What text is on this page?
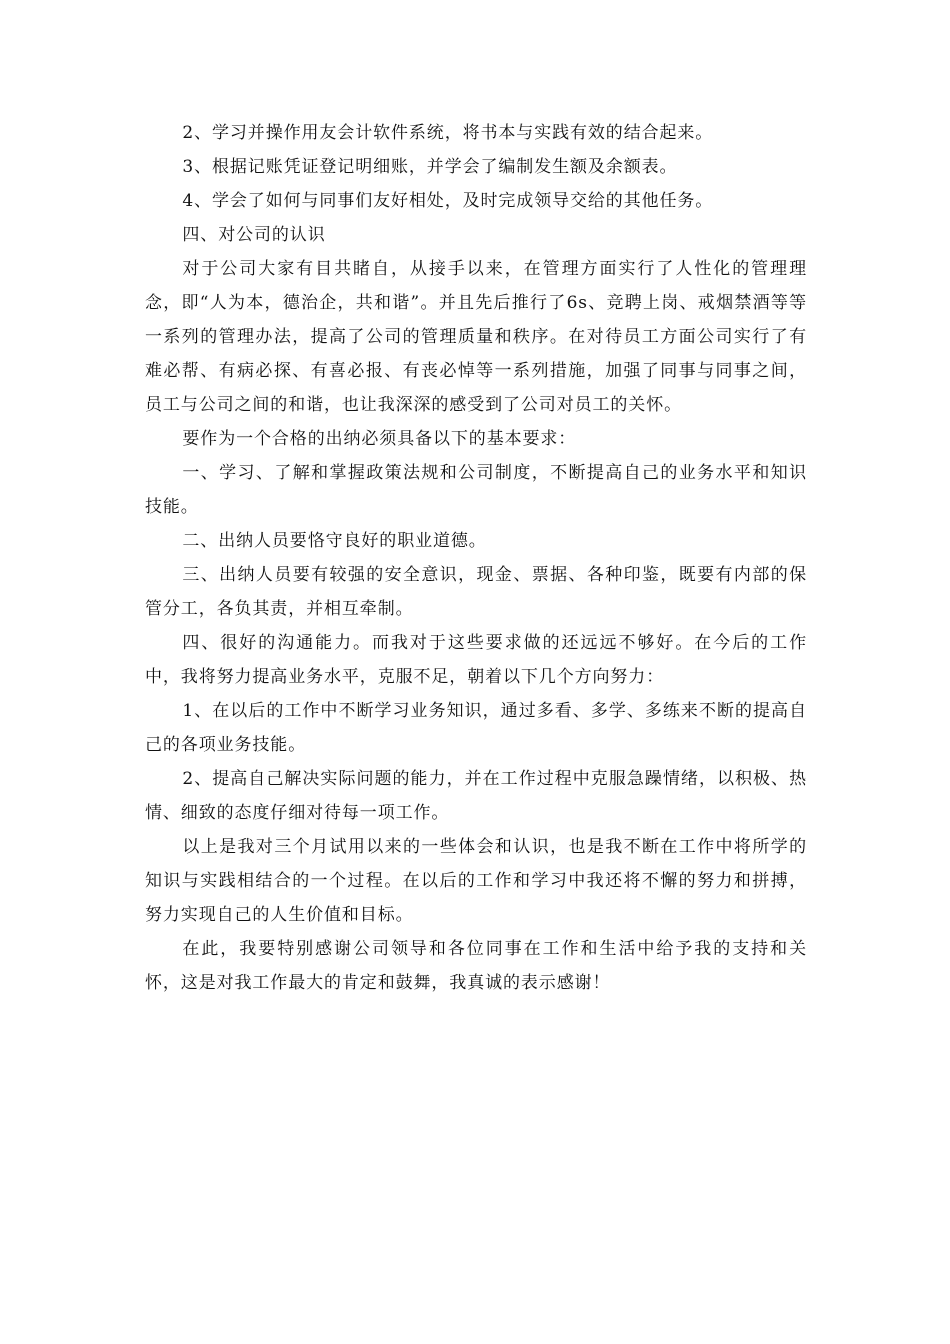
2、学习并操作用友会计软件系统，将书本与实践有效的结合起来。

3、根据记账凭证登记明细账，并学会了编制发生额及余额表。

4、学会了如何与同事们友好相处，及时完成领导交给的其他任务。

四、对公司的认识

对于公司大家有目共睹自，从接手以来，在管理方面实行了人性化的管理理念，即“人为本，德治企，共和谐”。并且先后推行了6s、竞聘上岗、戒烟禁酒等等一系列的管理办法，提高了公司的管理质量和秩序。在对待员工方面公司实行了有难必帮、有病必探、有喜必报、有丧必悼等一系列措施，加强了同事与同事之间，员工与公司之间的和谐，也让我深深的感受到了公司对员工的关怀。

要作为一个合格的出纳必须具备以下的基本要求：

一、学习、了解和掌握政策法规和公司制度，不断提高自己的业务水平和知识技能。

二、出纳人员要恪守良好的职业道德。

三、出纳人员要有较强的安全意识，现金、票据、各种印鉴，既要有内部的保管分工，各负其责，并相互牵制。

四、很好的沟通能力。而我对于这些要求做的还远远不够好。在今后的工作中，我将努力提高业务水平，克服不足，朝着以下几个方向努力：

1、在以后的工作中不断学习业务知识，通过多看、多学、多练来不断的提高自己的各项业务技能。

2、提高自己解决实际问题的能力，并在工作过程中克服急躁情绪，以积极、热情、细致的态度仔细对待每一项工作。

以上是我对三个月试用以来的一些体会和认识，也是我不断在工作中将所学的知识与实践相结合的一个过程。在以后的工作和学习中我还将不懈的努力和拼搏，努力实现自己的人生价值和目标。

在此，我要特别感谢公司领导和各位同事在工作和生活中给予我的支持和关怀，这是对我工作最大的肯定和鼓舞，我真诚的表示感谢！
